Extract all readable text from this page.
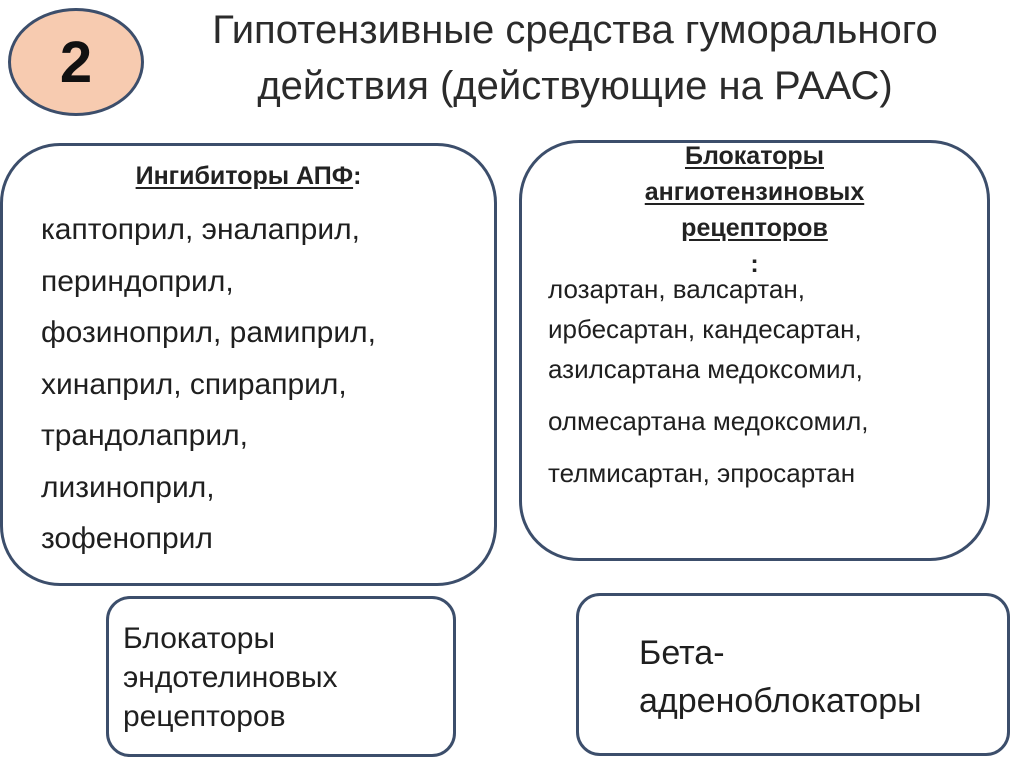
2	Гипотензивные средства гуморального
действия (действующие на РААС)
Ингибиторы АПФ:
каптоприл, эналаприл,
периндоприл,
фозиноприл, рамиприл,
хинаприл, спираприл,
трандолаприл,
лизиноприл,
зофеноприл
Блокаторы
ангиотензиновых
рецепторов
:
лозартан, валсартан,
ирбесартан, кандесартан,
азилсартана медоксомил,
олмесартана медоксомил,
телмисартан, эпросартан
Блокаторы
эндотелиновых
рецепторов
Бета-
адреноблокаторы
